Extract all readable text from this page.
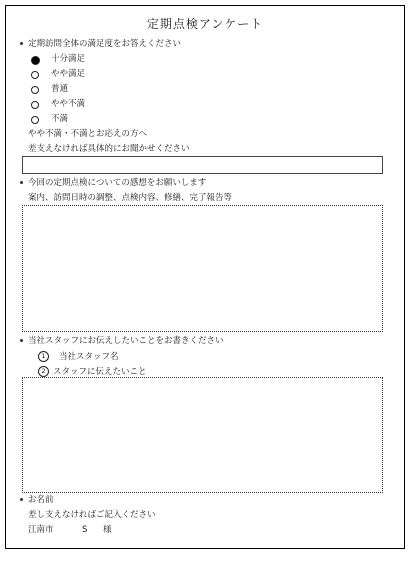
定期点検アンケート
定期訪問全体の満足度をお答えください
十分満足
やや満足
普通
やや不満
不満
やや不満・不満とお応えの方へ
差支えなければ具体的にお聞かせください
今回の定期点検についての感想をお願いします
案内、訪問日時の調整、点検内容、修繕、完了報告等
当社スタッフにお伝えしたいことをお書きください
1 当社スタッフ名
2 スタッフに伝えたいこと
お名前
差し支えなければご記入ください
江南市	S 様
